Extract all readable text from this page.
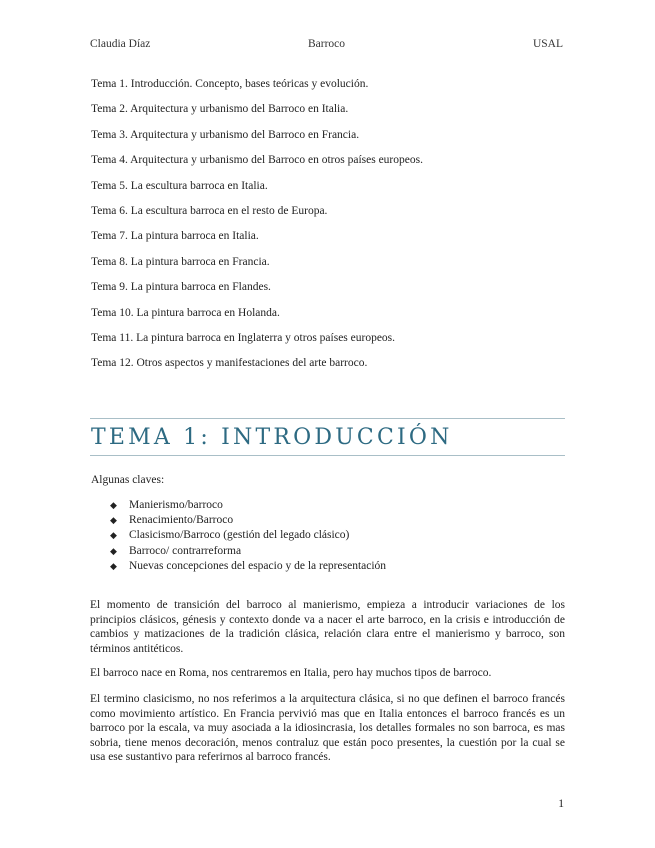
Claudia Díaz	Barroco	USAL
Tema 1. Introducción. Concepto, bases teóricas y evolución.
Tema 2. Arquitectura y urbanismo del Barroco en Italia.
Tema 3. Arquitectura y urbanismo del Barroco en Francia.
Tema 4. Arquitectura y urbanismo del Barroco en otros países europeos.
Tema 5. La escultura barroca en Italia.
Tema 6. La escultura barroca en el resto de Europa.
Tema 7. La pintura barroca en Italia.
Tema 8. La pintura barroca en Francia.
Tema 9. La pintura barroca en Flandes.
Tema 10. La pintura barroca en Holanda.
Tema 11. La pintura barroca en Inglaterra y otros países europeos.
Tema 12. Otros aspectos y manifestaciones del arte barroco.
TEMA 1: INTRODUCCIÓN
Algunas claves:
◆ Manierismo/barroco
◆ Renacimiento/Barroco
◆ Clasicismo/Barroco (gestión del legado clásico)
◆ Barroco/ contrarreforma
◆ Nuevas concepciones del espacio y de la representación

El momento de transición del barroco al manierismo, empieza a introducir variaciones de los principios clásicos, génesis y contexto donde va a nacer el arte barroco, en la crisis e introducción de cambios y matizaciones de la tradición clásica, relación clara entre el manierismo y barroco, son términos antitéticos.

El barroco nace en Roma, nos centraremos en Italia, pero hay muchos tipos de barroco.

El termino clasicismo, no nos referimos a la arquitectura clásica, si no que definen el barroco francés como movimiento artístico. En Francia pervivió mas que en Italia entonces el barroco francés es un barroco por la escala, va muy asociada a la idiosincrasia, los detalles formales no son barroca, es mas sobria, tiene menos decoración, menos contraluz que están poco presentes, la cuestión por la cual se usa ese sustantivo para referirnos al barroco francés.

1
